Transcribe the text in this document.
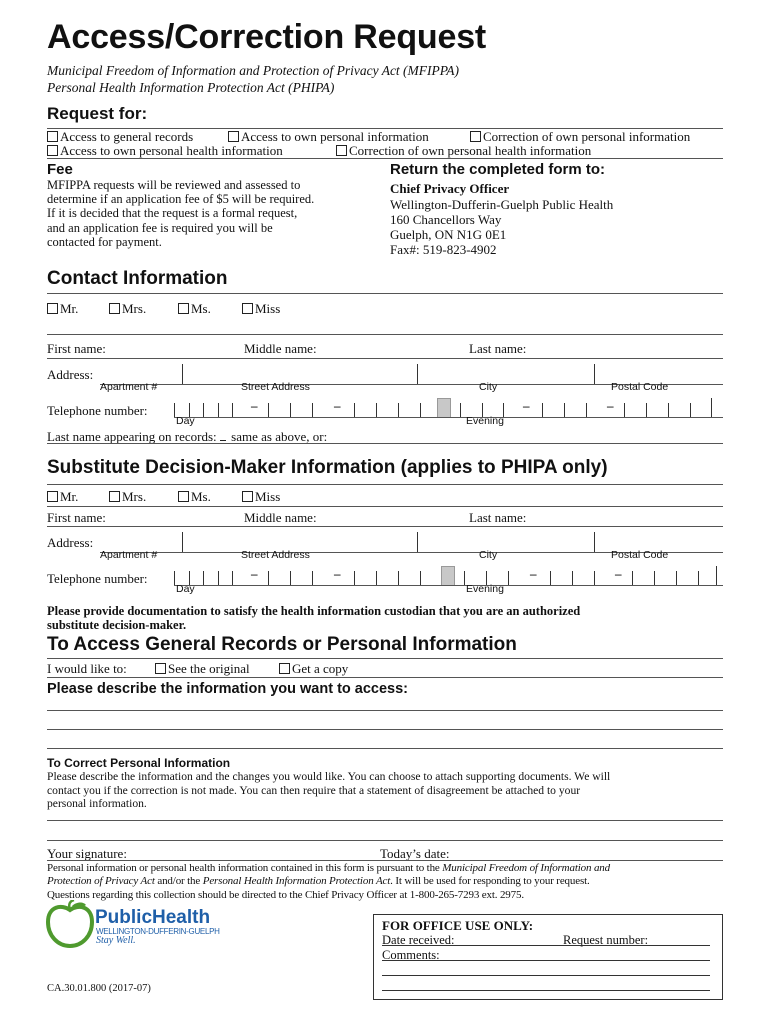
Access/Correction Request
Municipal Freedom of Information and Protection of Privacy Act (MFIPPA)
Personal Health Information Protection Act (PHIPA)
Request for:
Access to general records	Access to own personal information	Correction of own personal information
Access to own personal health information	Correction of own personal health information
Fee
MFIPPA requests will be reviewed and assessed to
determine if an application fee of $5 will be required.
If it is decided that the request is a formal request,
and an application fee is required you will be
contacted for payment.
Return the completed form to:
Chief Privacy Officer
Wellington-Dufferin-Guelph Public Health
160 Chancellors Way
Guelph, ON N1G 0E1
Fax#: 519-823-4902
Contact Information
Mr.	Mrs.	Ms.	Miss
First name:	Middle name:	Last name:
Address:
Apartment #	Street Address	City	Postal Code
Telephone number:	–	–	–	–
Day	Evening
Last name appearing on records: same as above, or:
Substitute Decision-Maker Information (applies to PHIPA only)
Mr.	Mrs.	Ms.	Miss
First name:	Middle name:	Last name:
Address:
Apartment #	Street Address	City	Postal Code
Telephone number:	–	–	–	–
Day	Evening
Please provide documentation to satisfy the health information custodian that you are an authorized
substitute decision-maker.
To Access General Records or Personal Information
I would like to:	See the original	Get a copy
Please describe the information you want to access:
To Correct Personal Information
Please describe the information and the changes you would like. You can choose to attach supporting documents. We will
contact you if the correction is not made. You can then require that a statement of disagreement be attached to your
personal information.
Your signature:	Today’s date:
Personal information or personal health information contained in this form is pursuant to the Municipal Freedom of Information and
Protection of Privacy Act and/or the Personal Health Information Protection Act. It will be used for responding to your request.
Questions regarding this collection should be directed to the Chief Privacy Officer at 1-800-265-7293 ext. 2975.
PublicHealth
WELLINGTON-DUFFERIN-GUELPH
Stay Well.
FOR OFFICE USE ONLY:
Date received:	Request number:
Comments:
CA.30.01.800 (2017-07)
